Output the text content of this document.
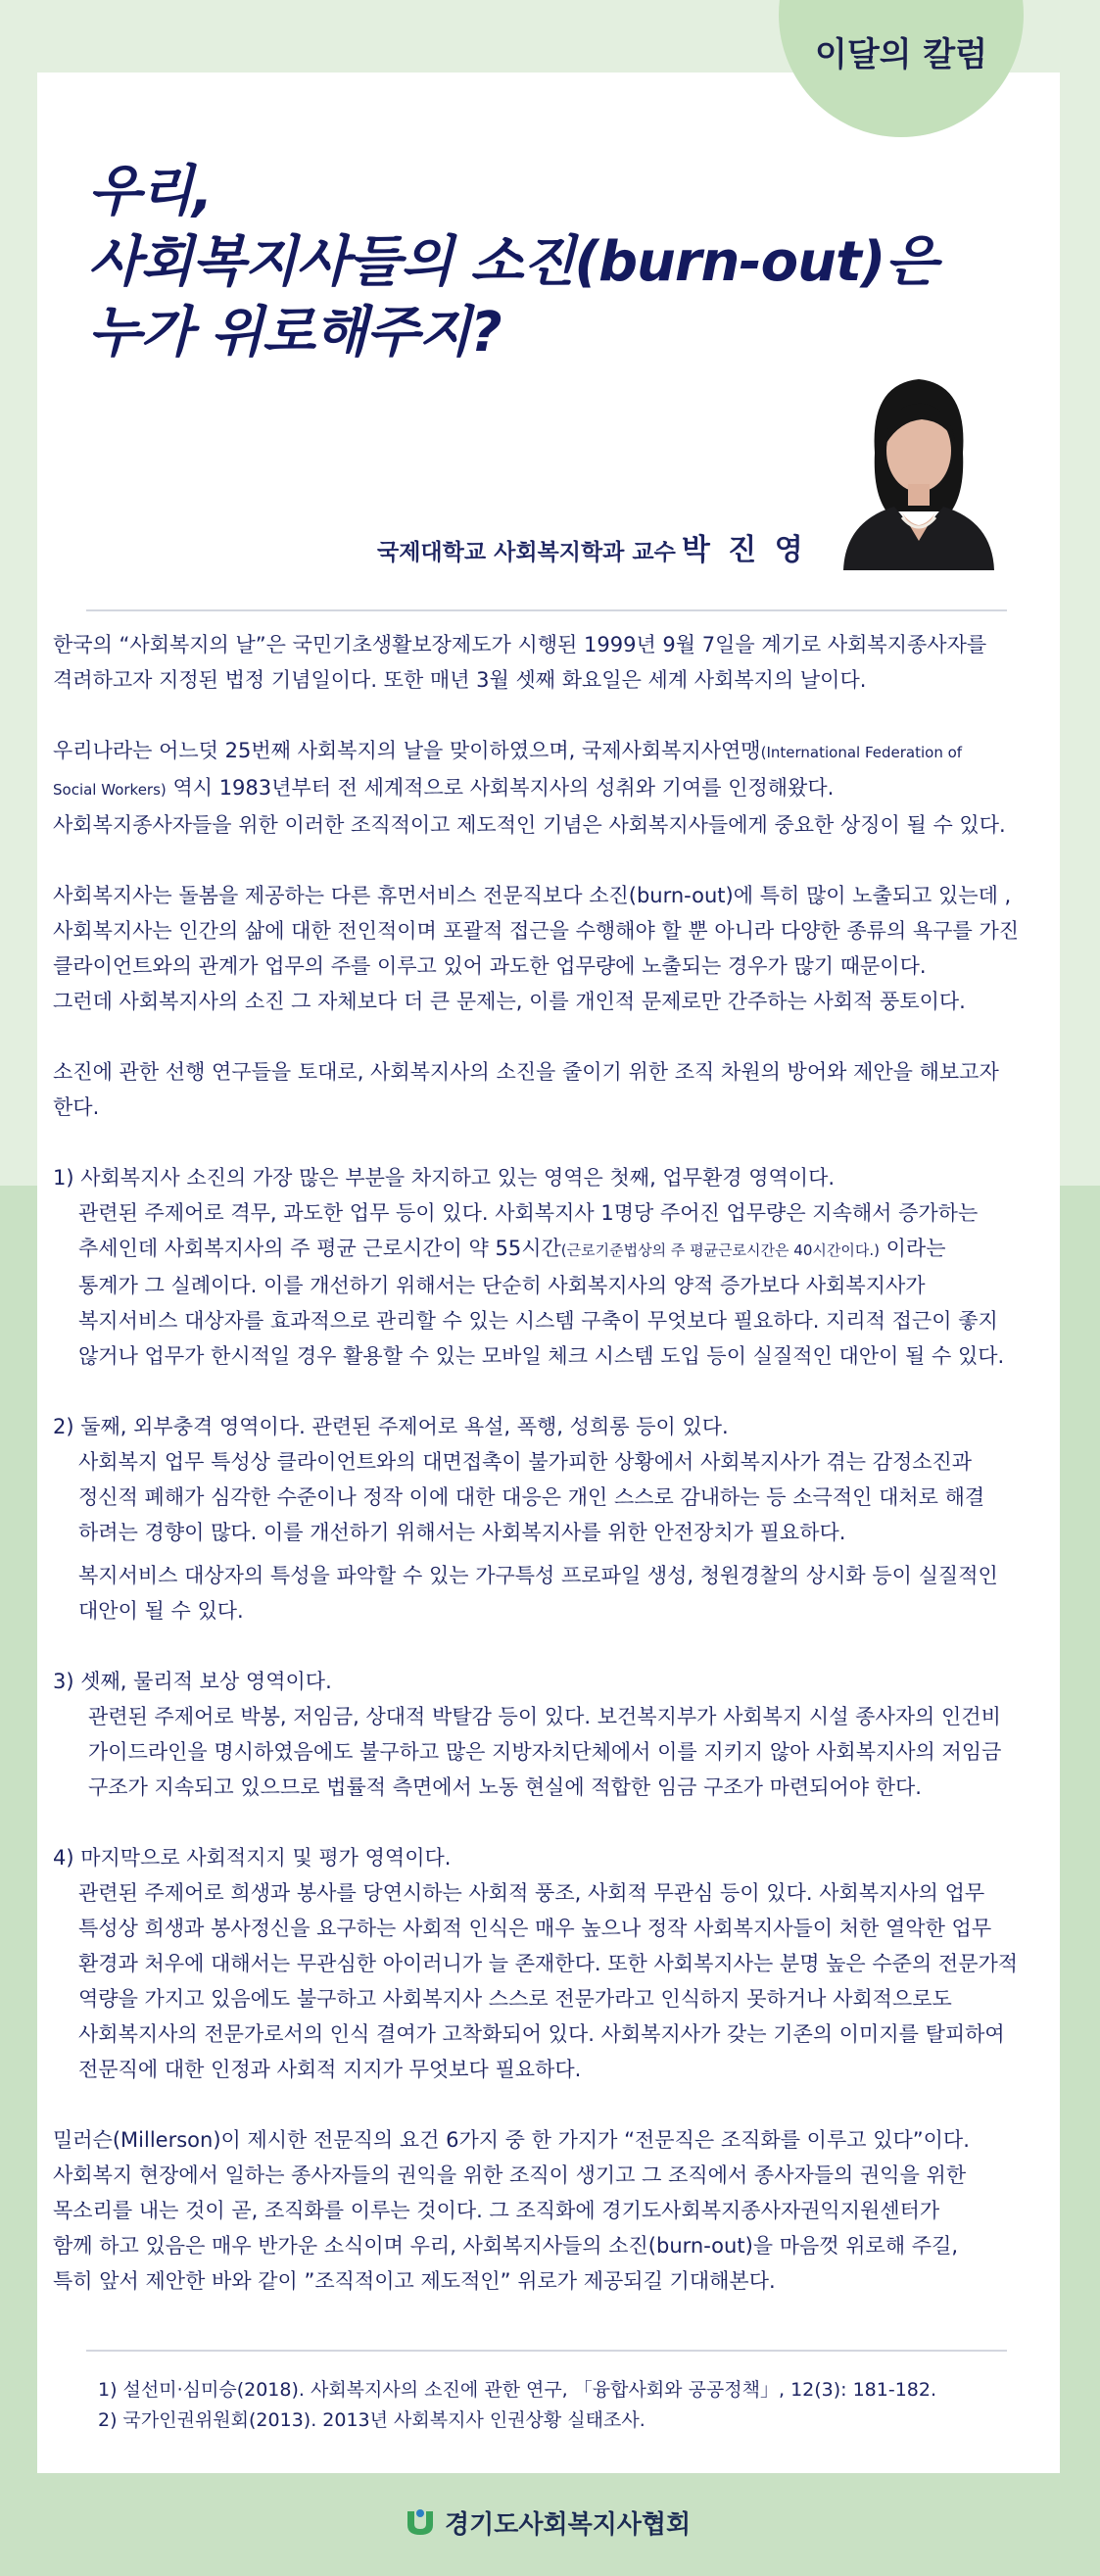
이달의 칼럼
우리,
사회복지사들의 소진(burn-out)은
누가 위로해주지?
국제대학교 사회복지학과 교수 박 진 영

한국의 “사회복지의 날”은 국민기초생활보장제도가 시행된 1999년 9월 7일을 계기로 사회복지종사자를

격려하고자 지정된 법정 기념일이다. 또한 매년 3월 셋째 화요일은 세계 사회복지의 날이다.

우리나라는 어느덧 25번째 사회복지의 날을 맞이하였으며, 국제사회복지사연맹(International Federation of

Social Workers) 역시 1983년부터 전 세계적으로 사회복지사의 성취와 기여를 인정해왔다.

사회복지종사자들을 위한 이러한 조직적이고 제도적인 기념은 사회복지사들에게 중요한 상징이 될 수 있다.

사회복지사는 돌봄을 제공하는 다른 휴먼서비스 전문직보다 소진(burn-out)에 특히 많이 노출되고 있는데 ,

사회복지사는 인간의 삶에 대한 전인적이며 포괄적 접근을 수행해야 할 뿐 아니라 다양한 종류의 욕구를 가진

클라이언트와의 관계가 업무의 주를 이루고 있어 과도한 업무량에 노출되는 경우가 많기 때문이다.

그런데 사회복지사의 소진 그 자체보다 더 큰 문제는, 이를 개인적 문제로만 간주하는 사회적 풍토이다.

소진에 관한 선행 연구들을 토대로, 사회복지사의 소진을 줄이기 위한 조직 차원의 방어와 제안을 해보고자

한다.

1) 사회복지사 소진의 가장 많은 부분을 차지하고 있는 영역은 첫째, 업무환경 영역이다.

관련된 주제어로 격무, 과도한 업무 등이 있다. 사회복지사 1명당 주어진 업무량은 지속해서 증가하는

추세인데 사회복지사의 주 평균 근로시간이 약 55시간(근로기준법상의 주 평균근로시간은 40시간이다.) 이라는

통계가 그 실례이다. 이를 개선하기 위해서는 단순히 사회복지사의 양적 증가보다 사회복지사가

복지서비스 대상자를 효과적으로 관리할 수 있는 시스템 구축이 무엇보다 필요하다. 지리적 접근이 좋지

않거나 업무가 한시적일 경우 활용할 수 있는 모바일 체크 시스템 도입 등이 실질적인 대안이 될 수 있다.

2) 둘째, 외부충격 영역이다. 관련된 주제어로 욕설, 폭행, 성희롱 등이 있다.

사회복지 업무 특성상 클라이언트와의 대면접촉이 불가피한 상황에서 사회복지사가 겪는 감정소진과

정신적 폐해가 심각한 수준이나 정작 이에 대한 대응은 개인 스스로 감내하는 등 소극적인 대처로 해결

하려는 경향이 많다. 이를 개선하기 위해서는 사회복지사를 위한 안전장치가 필요하다.

복지서비스 대상자의 특성을 파악할 수 있는 가구특성 프로파일 생성, 청원경찰의 상시화 등이 실질적인

대안이 될 수 있다.

3) 셋째, 물리적 보상 영역이다.

관련된 주제어로 박봉, 저임금, 상대적 박탈감 등이 있다. 보건복지부가 사회복지 시설 종사자의 인건비

가이드라인을 명시하였음에도 불구하고 많은 지방자치단체에서 이를 지키지 않아 사회복지사의 저임금

구조가 지속되고 있으므로 법률적 측면에서 노동 현실에 적합한 임금 구조가 마련되어야 한다.

4) 마지막으로 사회적지지 및 평가 영역이다.

관련된 주제어로 희생과 봉사를 당연시하는 사회적 풍조, 사회적 무관심 등이 있다. 사회복지사의 업무

특성상 희생과 봉사정신을 요구하는 사회적 인식은 매우 높으나 정작 사회복지사들이 처한 열악한 업무

환경과 처우에 대해서는 무관심한 아이러니가 늘 존재한다. 또한 사회복지사는 분명 높은 수준의 전문가적

역량을 가지고 있음에도 불구하고 사회복지사 스스로 전문가라고 인식하지 못하거나 사회적으로도

사회복지사의 전문가로서의 인식 결여가 고착화되어 있다. 사회복지사가 갖는 기존의 이미지를 탈피하여

전문직에 대한 인정과 사회적 지지가 무엇보다 필요하다.

밀러슨(Millerson)이 제시한 전문직의 요건 6가지 중 한 가지가 “전문직은 조직화를 이루고 있다”이다.

사회복지 현장에서 일하는 종사자들의 권익을 위한 조직이 생기고 그 조직에서 종사자들의 권익을 위한

목소리를 내는 것이 곧, 조직화를 이루는 것이다. 그 조직화에 경기도사회복지종사자권익지원센터가

함께 하고 있음은 매우 반가운 소식이며 우리, 사회복지사들의 소진(burn-out)을 마음껏 위로해 주길,

특히 앞서 제안한 바와 같이 ”조직적이고 제도적인” 위로가 제공되길 기대해본다.

1) 설선미·심미승(2018). 사회복지사의 소진에 관한 연구, 「융합사회와 공공정책」, 12(3): 181-182.

2) 국가인권위원회(2013). 2013년 사회복지사 인권상황 실태조사.

경기도사회복지사협회
